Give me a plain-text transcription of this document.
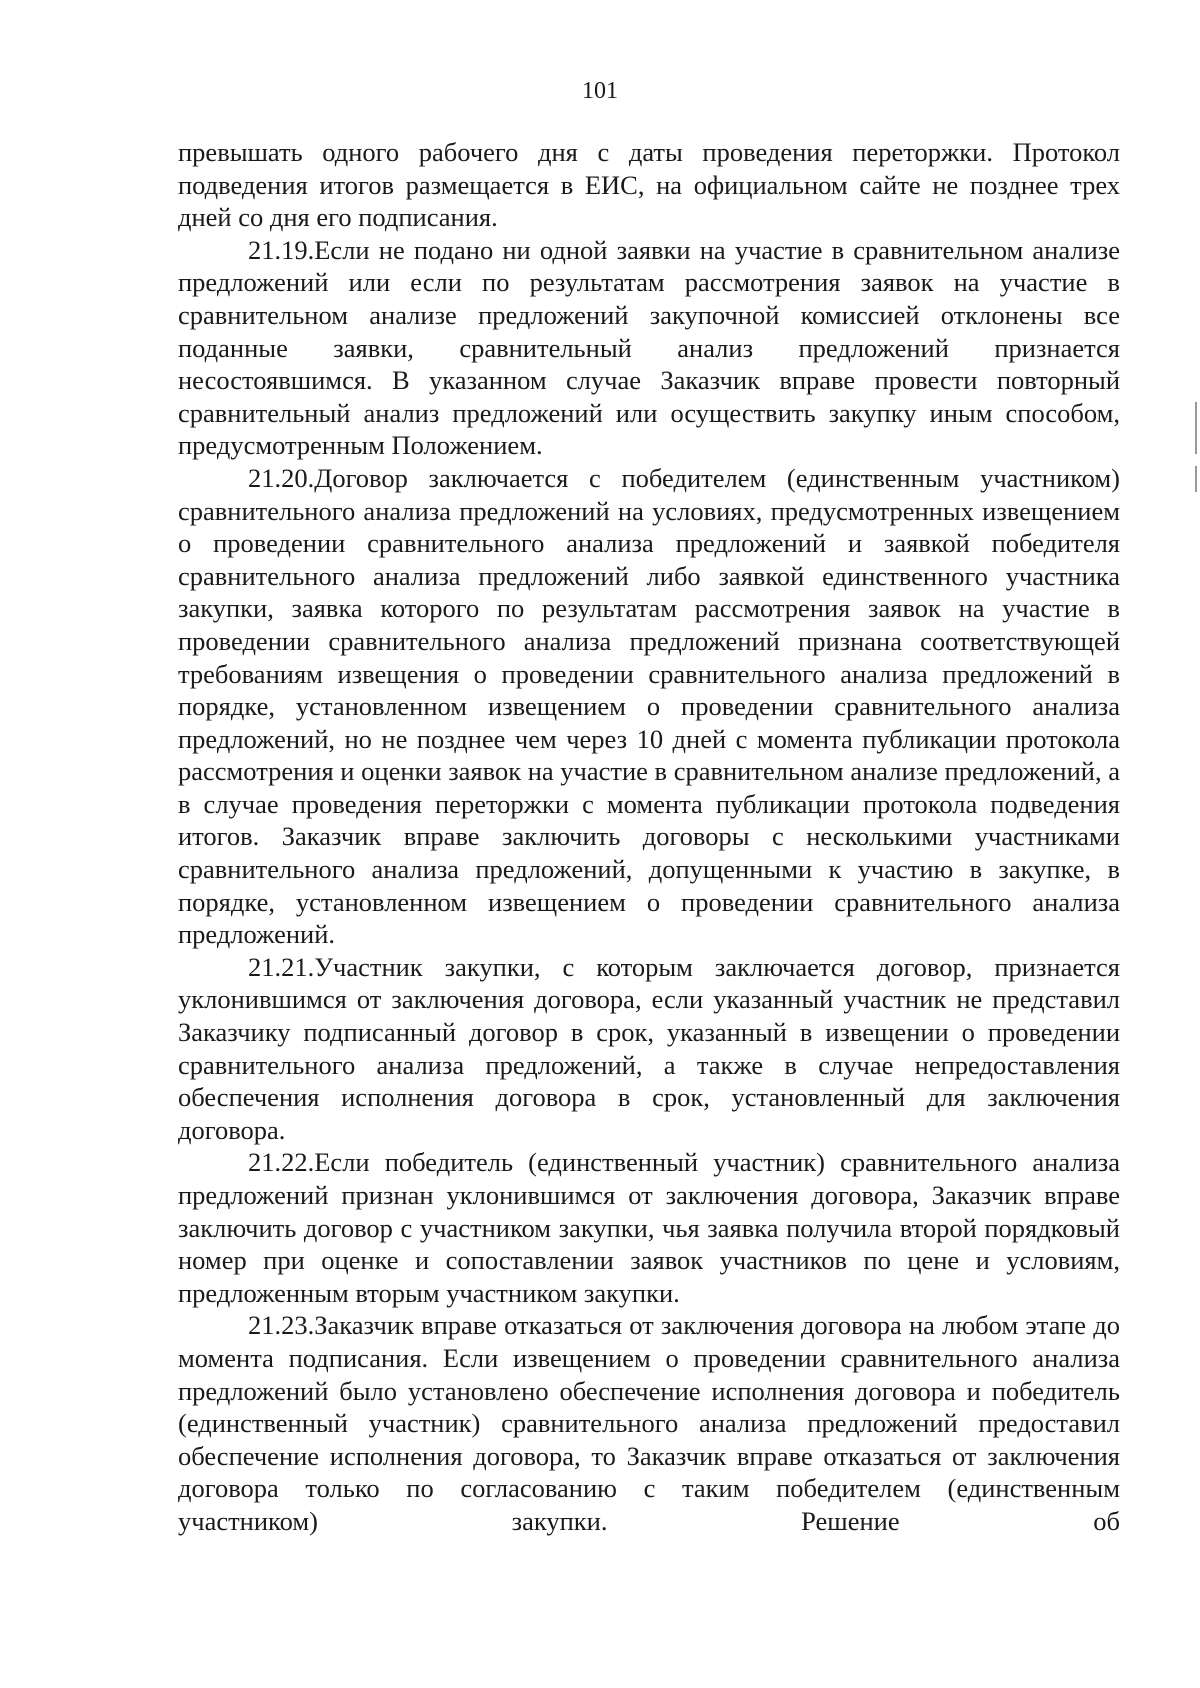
101

превышать одного рабочего дня с даты проведения переторжки. Протокол подведения итогов размещается в ЕИС, на официальном сайте не позднее трех дней со дня его подписания.

21.19.Если не подано ни одной заявки на участие в сравнительном анализе предложений или если по результатам рассмотрения заявок на участие в сравнительном анализе предложений закупочной комиссией отклонены все поданные заявки, сравнительный анализ предложений признается несостоявшимся. В указанном случае Заказчик вправе провести повторный сравнительный анализ предложений или осуществить закупку иным способом, предусмотренным Положением.

21.20.Договор заключается с победителем (единственным участником) сравнительного анализа предложений на условиях, предусмотренных извещением о проведении сравнительного анализа предложений и заявкой победителя сравнительного анализа предложений либо заявкой единственного участника закупки, заявка которого по результатам рассмотрения заявок на участие в проведении сравнительного анализа предложений признана соответствующей требованиям извещения о проведении сравнительного анализа предложений в порядке, установленном извещением о проведении сравнительного анализа предложений, но не позднее чем через 10 дней с момента публикации протокола рассмотрения и оценки заявок на участие в сравнительном анализе предложений, а в случае проведения переторжки с момента публикации протокола подведения итогов. Заказчик вправе заключить договоры с несколькими участниками сравнительного анализа предложений, допущенными к участию в закупке, в порядке, установленном извещением о проведении сравнительного анализа предложений.

21.21.Участник закупки, с которым заключается договор, признается уклонившимся от заключения договора, если указанный участник не представил Заказчику подписанный договор в срок, указанный в извещении о проведении сравнительного анализа предложений, а также в случае непредоставления обеспечения исполнения договора в срок, установленный для заключения договора.

21.22.Если победитель (единственный участник) сравнительного анализа предложений признан уклонившимся от заключения договора, Заказчик вправе заключить договор с участником закупки, чья заявка получила второй порядковый номер при оценке и сопоставлении заявок участников по цене и условиям, предложенным вторым участником закупки.

21.23.Заказчик вправе отказаться от заключения договора на любом этапе до момента подписания. Если извещением о проведении сравнительного анализа предложений было установлено обеспечение исполнения договора и победитель (единственный участник) сравнительного анализа предложений предоставил обеспечение исполнения договора, то Заказчик вправе отказаться от заключения договора только по согласованию с таким победителем (единственным участником) закупки. Решение об
